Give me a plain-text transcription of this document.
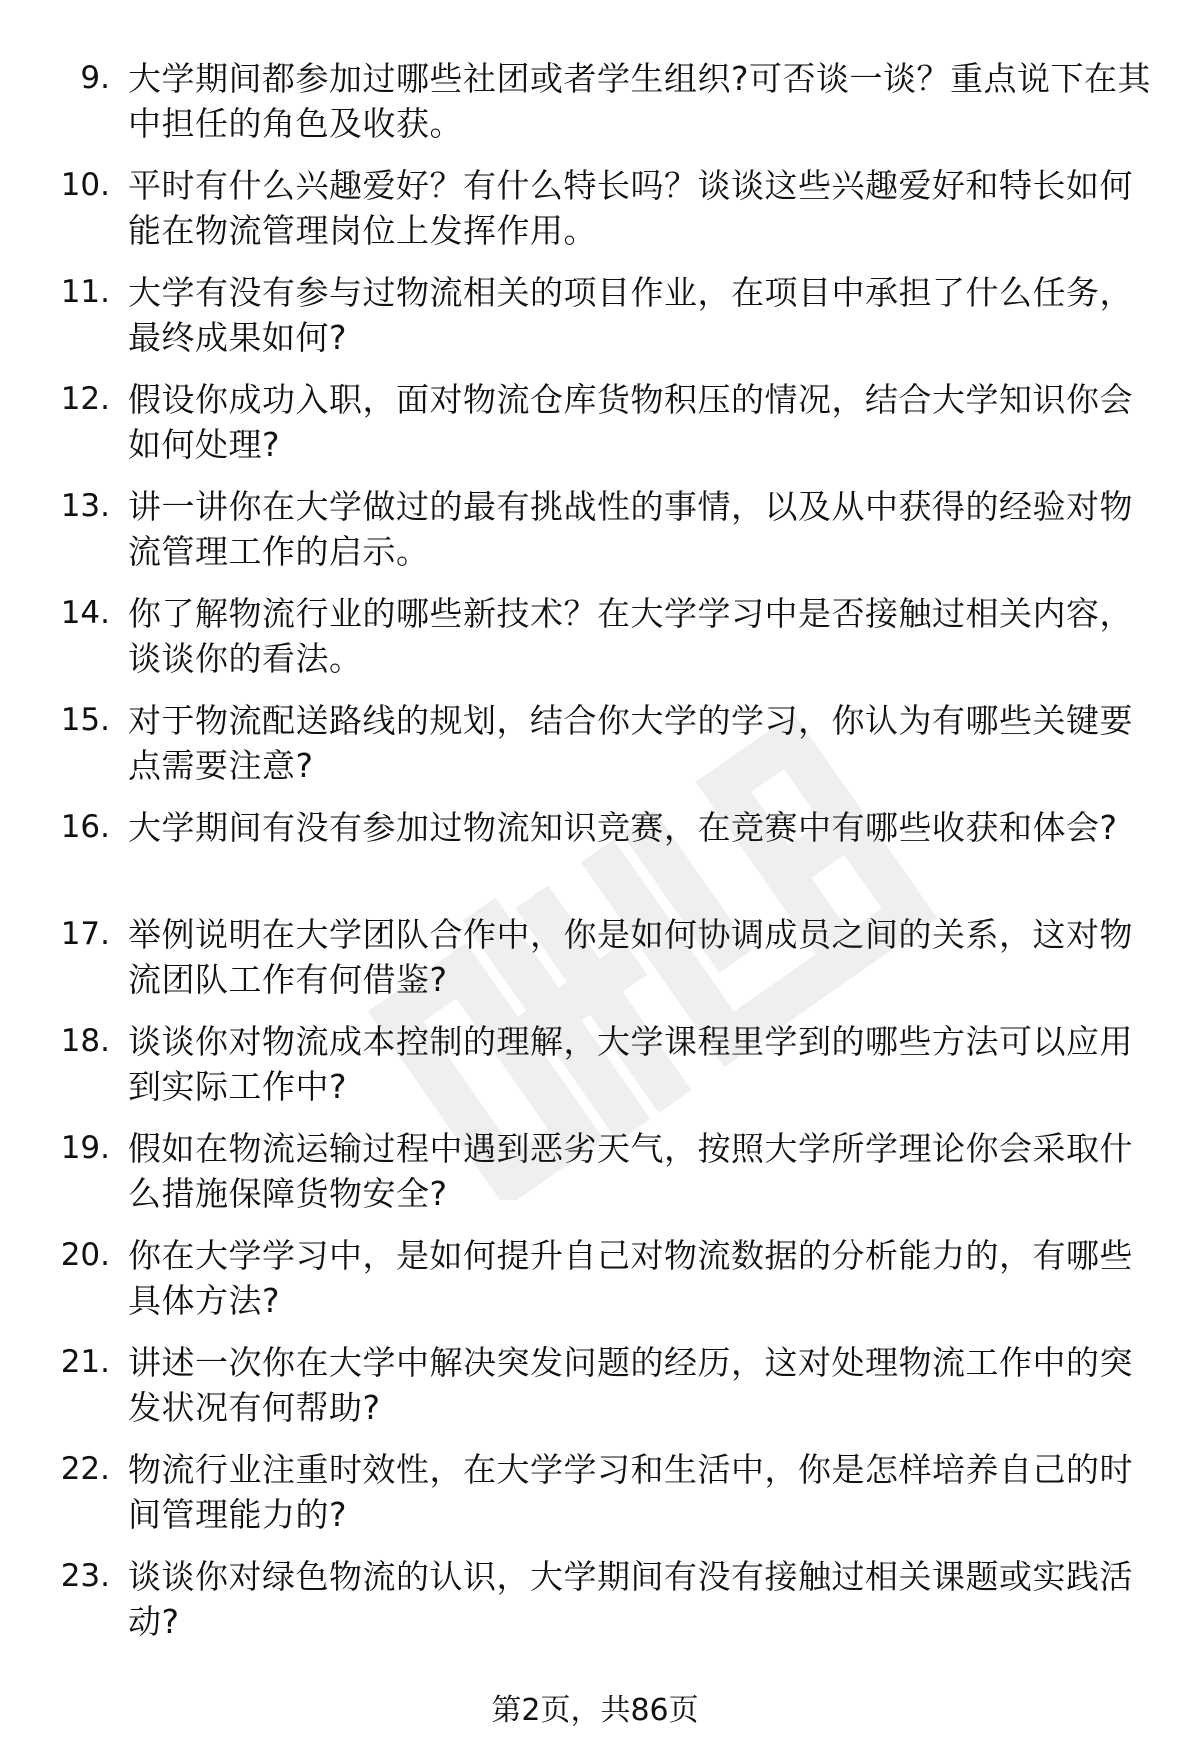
9. 大学期间都参加过哪些社团或者学生组织?可否谈一谈？重点说下在其中担任的角色及收获。
10. 平时有什么兴趣爱好？有什么特长吗？谈谈这些兴趣爱好和特长如何能在物流管理岗位上发挥作用。
11. 大学有没有参与过物流相关的项目作业，在项目中承担了什么任务，最终成果如何?
12. 假设你成功入职，面对物流仓库货物积压的情况，结合大学知识你会如何处理?
13. 讲一讲你在大学做过的最有挑战性的事情，以及从中获得的经验对物流管理工作的启示。
14. 你了解物流行业的哪些新技术？在大学学习中是否接触过相关内容，谈谈你的看法。
15. 对于物流配送路线的规划，结合你大学的学习，你认为有哪些关键要点需要注意?
16. 大学期间有没有参加过物流知识竞赛，在竞赛中有哪些收获和体会?
17. 举例说明在大学团队合作中，你是如何协调成员之间的关系，这对物流团队工作有何借鉴?
18. 谈谈你对物流成本控制的理解，大学课程里学到的哪些方法可以应用到实际工作中?
19. 假如在物流运输过程中遇到恶劣天气，按照大学所学理论你会采取什么措施保障货物安全?
20. 你在大学学习中，是如何提升自己对物流数据的分析能力的，有哪些具体方法?
21. 讲述一次你在大学中解决突发问题的经历，这对处理物流工作中的突发状况有何帮助?
22. 物流行业注重时效性，在大学学习和生活中，你是怎样培养自己的时间管理能力的?
23. 谈谈你对绿色物流的认识，大学期间有没有接触过相关课题或实践活动?
第2页，共86页
